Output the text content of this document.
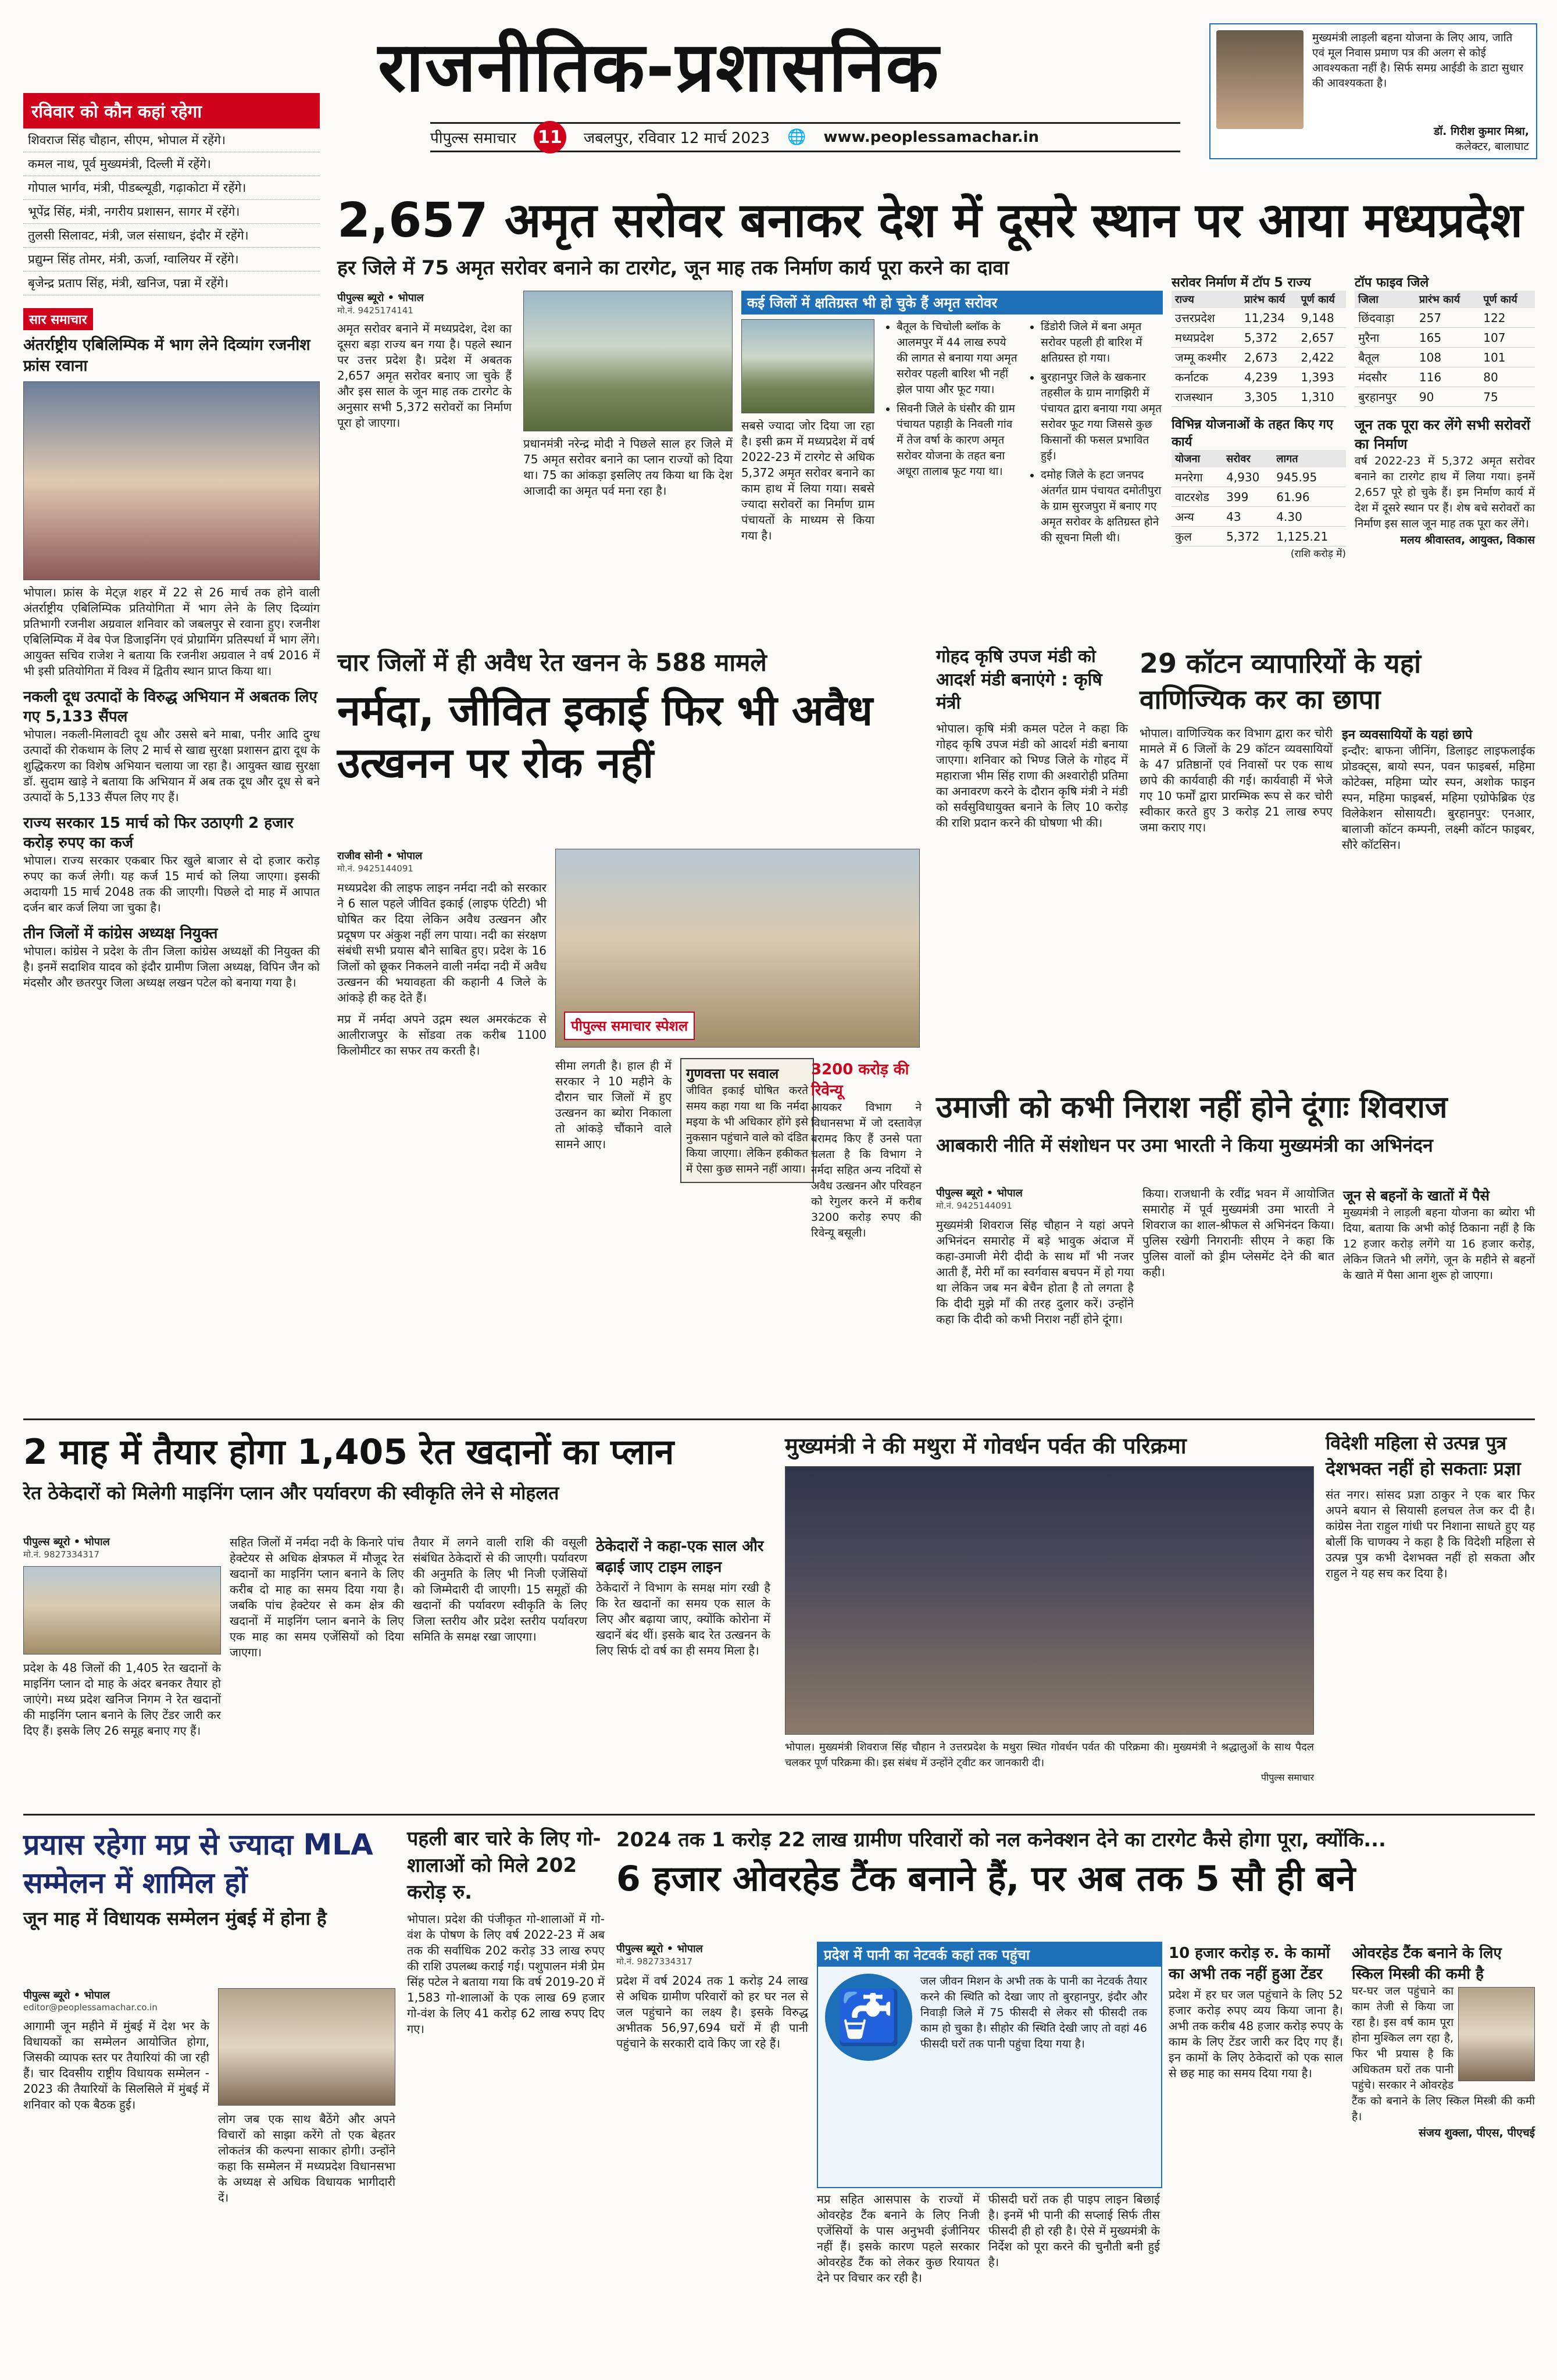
राजनीतिक-प्रशासनिक
पीपुल्स समाचार 11 जबलपुर, रविवार 12 मार्च 2023 🌐 www.peoplessamachar.in
रविवार को कौन कहां रहेगा
शिवराज सिंह चौहान, सीएम, भोपाल में रहेंगे।
कमल नाथ, पूर्व मुख्यमंत्री, दिल्ली में रहेंगे।
गोपाल भार्गव, मंत्री, पीडब्ल्यूडी, गढ़ाकोटा में रहेंगे।
भूपेंद्र सिंह, मंत्री, नगरीय प्रशासन, सागर में रहेंगे।
तुलसी सिलावट, मंत्री, जल संसाधन, इंदौर में रहेंगे।
प्रद्युम्न सिंह तोमर, मंत्री, ऊर्जा, ग्वालियर में रहेंगे।
बृजेन्द्र प्रताप सिंह, मंत्री, खनिज, पन्ना में रहेंगे।
मुख्यमंत्री लाड़ली बहना योजना के लिए आय, जाति एवं मूल निवास प्रमाण पत्र की अलग से कोई आवश्यकता नहीं है। सिर्फ समग्र आईडी के डाटा सुधार की आवश्यकता है।
डॉ. गिरीश कुमार मिश्रा,
कलेक्टर, बालाघाट
सार समाचार
अंतर्राष्ट्रीय एबिलिम्पिक में भाग लेने दिव्यांग रजनीश फ्रांस रवाना
भोपाल। फ्रांस के मेट्ज़ शहर में 22 से 26 मार्च तक होने वाली अंतर्राष्ट्रीय एबिलिम्पिक प्रतियोगिता में भाग लेने के लिए दिव्यांग प्रतिभागी रजनीश अग्रवाल शनिवार को जबलपुर से रवाना हुए। रजनीश एबिलिम्पिक में वेब पेज डिजाइनिंग एवं प्रोग्रामिंग प्रतिस्पर्धा में भाग लेंगे। आयुक्त सचिव राजेश ने बताया कि रजनीश अग्रवाल ने वर्ष 2016 में भी इसी प्रतियोगिता में विश्व में द्वितीय स्थान प्राप्त किया था।
नकली दूध उत्पादों के विरुद्ध अभियान में अबतक लिए गए 5,133 सैंपल
भोपाल। नकली-मिलावटी दूध और उससे बने माबा, पनीर आदि दुग्ध उत्पादों की रोकथाम के लिए 2 मार्च से खाद्य सुरक्षा प्रशासन द्वारा दूध के शुद्धिकरण का विशेष अभियान चलाया जा रहा है। आयुक्त खाद्य सुरक्षा डॉ. सुदाम खाड़े ने बताया कि अभियान में अब तक दूध और दूध से बने उत्पादों के 5,133 सैंपल लिए गए हैं।
राज्य सरकार 15 मार्च को फिर उठाएगी 2 हजार करोड़ रुपए का कर्ज
भोपाल। राज्य सरकार एकबार फिर खुले बाजार से दो हजार करोड़ रुपए का कर्ज लेगी। यह कर्ज 15 मार्च को लिया जाएगा। इसकी अदायगी 15 मार्च 2048 तक की जाएगी। पिछले दो माह में आपात दर्जन बार कर्ज लिया जा चुका है।
तीन जिलों में कांग्रेस अध्यक्ष नियुक्त
भोपाल। कांग्रेस ने प्रदेश के तीन जिला कांग्रेस अध्यक्षों की नियुक्त की है। इनमें सदाशिव यादव को इंदौर ग्रामीण जिला अध्यक्ष, विपिन जैन को मंदसौर और छतरपुर जिला अध्यक्ष लखन पटेल को बनाया गया है।
2,657 अमृत सरोवर बनाकर देश में दूसरे स्थान पर आया मध्यप्रदेश
हर जिले में 75 अमृत सरोवर बनाने का टारगेट, जून माह तक निर्माण कार्य पूरा करने का दावा
पीपुल्स ब्यूरो • भोपाल
मो.नं. 9425174141
अमृत सरोवर बनाने में मध्यप्रदेश, देश का दूसरा बड़ा राज्य बन गया है। पहले स्थान पर उत्तर प्रदेश है। प्रदेश में अबतक 2,657 अमृत सरोवर बनाए जा चुके हैं और इस साल के जून माह तक टारगेट के अनुसार सभी 5,372 सरोवरों का निर्माण पूरा हो जाएगा।
प्रधानमंत्री नरेन्द्र मोदी ने पिछले साल हर जिले में 75 अमृत सरोवर बनाने का प्लान राज्यों को दिया था। 75 का आंकड़ा इसलिए तय किया था कि देश आजादी का अमृत पर्व मना रहा है।
कई जिलों में क्षतिग्रस्त भी हो चुके हैं अमृत सरोवर
सबसे ज्यादा जोर दिया जा रहा है। इसी क्रम में मध्यप्रदेश में वर्ष 2022-23 में टारगेट से अधिक 5,372 अमृत सरोवर बनाने का काम हाथ में लिया गया। सबसे ज्यादा सरोवरों का निर्माण ग्राम पंचायतों के माध्यम से किया गया है।
• बैतूल के चिचोली ब्लॉक के आलमपुर में 44 लाख रुपये की लागत से बनाया गया अमृत सरोवर पहली बारिश भी नहीं झेल पाया और फूट गया।
• सिवनी जिले के घंसौर की ग्राम पंचायत पहाड़ी के निवली गांव में तेज वर्षा के कारण अमृत सरोवर योजना के तहत बना अधूरा तालाब फूट गया था।
• डिंडोरी जिले में बना अमृत सरोवर पहली ही बारिश में क्षतिग्रस्त हो गया।
• बुरहानपुर जिले के खकनार तहसील के ग्राम नागझिरी में पंचायत द्वारा बनाया गया अमृत सरोवर फूट गया जिससे कुछ किसानों की फसल प्रभावित हुई।
• दमोह जिले के हटा जनपद अंतर्गत ग्राम पंचायत दमोतीपुरा के ग्राम सुरजपुरा में बनाए गए अमृत सरोवर के क्षतिग्रस्त होने की सूचना मिली थी।
सरोवर निर्माण में टॉप 5 राज्य
राज्य	प्रारंभ कार्य	पूर्ण कार्य
उत्तरप्रदेश	11,234	9,148
मध्यप्रदेश	5,372	2,657
जम्मू कश्मीर	2,673	2,422
कर्नाटक	4,239	1,393
राजस्थान	3,305	1,310
विभिन्न योजनाओं के तहत किए गए कार्य
योजना	सरोवर	लागत
मनरेगा	4,930	945.95
वाटरशेड	399	61.96
अन्य	43	4.30
कुल	5,372	1,125.21
(राशि करोड़ में)
टॉप फाइव जिले
जिला	प्रारंभ कार्य	पूर्ण कार्य
छिंदवाड़ा	257	122
मुरैना	165	107
बैतूल	108	101
मंदसौर	116	80
बुरहानपुर	90	75
जून तक पूरा कर लेंगे सभी सरोवरों का निर्माण
वर्ष 2022-23 में 5,372 अमृत सरोवर बनाने का टारगेट हाथ में लिया गया। इनमें 2,657 पूरे हो चुके हैं। इम निर्माण कार्य में देश में दूसरे स्थान पर हैं। शेष बचे सरोवरों का निर्माण इस साल जून माह तक पूरा कर लेंगे।
मलय श्रीवास्तव, आयुक्त, विकास
चार जिलों में ही अवैध रेत खनन के 588 मामले
नर्मदा, जीवित इकाई फिर भी अवैध उत्खनन पर रोक नहीं
राजीव सोनी • भोपाल
मो.नं. 9425144091
मध्यप्रदेश की लाइफ लाइन नर्मदा नदी को सरकार ने 6 साल पहले जीवित इकाई (लाइफ एंटिटी) भी घोषित कर दिया लेकिन अवैध उत्खनन और प्रदूषण पर अंकुश नहीं लग पाया। नदी का संरक्षण संबंधी सभी प्रयास बौने साबित हुए। प्रदेश के 16 जिलों को छूकर निकलने वाली नर्मदा नदी में अवैध उत्खनन की भयावहता की कहानी 4 जिले के आंकड़े ही कह देते हैं।
मप्र में नर्मदा अपने उद्गम स्थल अमरकंटक से आलीराजपुर के सोंडवा तक करीब 1100 किलोमीटर का सफर तय करती है।
पीपुल्स समाचार स्पेशल
सीमा लगती है। हाल ही में सरकार ने 10 महीने के दौरान चार जिलों में हुए उत्खनन का ब्योरा निकाला तो आंकड़े चौंकाने वाले सामने आए।
गुणवत्ता पर सवाल
जीवित इकाई घोषित करते समय कहा गया था कि नर्मदा मइया के भी अधिकार होंगे इसे नुकसान पहुंचाने वाले को दंडित किया जाएगा। लेकिन हकीकत में ऐसा कुछ सामने नहीं आया।
3200 करोड़ की रिवेन्यू
आयकर विभाग ने विधानसभा में जो दस्तावेज़ बरामद किए हैं उनसे पता चलता है कि विभाग ने नर्मदा सहित अन्य नदियों से अवैध उत्खनन और परिवहन को रेगुलर करने में करीब 3200 करोड़ रुपए की रिवेन्यू बसूली।
गोहद कृषि उपज मंडी को आदर्श मंडी बनाएंगे : कृषि मंत्री
भोपाल। कृषि मंत्री कमल पटेल ने कहा कि गोहद कृषि उपज मंडी को आदर्श मंडी बनाया जाएगा। शनिवार को भिण्ड जिले के गोहद में महाराजा भीम सिंह राणा की अश्वारोही प्रतिमा का अनावरण करने के दौरान कृषि मंत्री ने मंडी को सर्वसुविधायुक्त बनाने के लिए 10 करोड़ की राशि प्रदान करने की घोषणा भी की।
29 कॉटन व्यापारियों के यहां वाणिज्यिक कर का छापा
भोपाल। वाणिज्यिक कर विभाग द्वारा कर चोरी मामले में 6 जिलों के 29 कॉटन व्यवसायियों के 47 प्रतिष्ठानों एवं निवासों पर एक साथ छापे की कार्यवाही की गई। कार्यवाही में भेजे गए 10 फर्मों द्वारा प्रारम्भिक रूप से कर चोरी स्वीकार करते हुए 3 करोड़ 21 लाख रुपए जमा कराए गए।
इन व्यवसायियों के यहां छापे
इन्दौर: बाफना जीनिंग, डिलाइट लाइफलाईक प्रोडक्ट्स, बायो स्पन, पवन फाइबर्स, महिमा कोटेक्स, महिमा प्योर स्पन, अशोक फाइन स्पन, महिमा फाइबर्स, महिमा एग्रोफेब्रिक एंड विलेकेशन सोसायटी। बुरहानपुर: एनआर, बालाजी कॉटन कम्पनी, लक्ष्मी कॉटन फाइबर, सौरे कॉटसिन।
उमाजी को कभी निराश नहीं होने दूंगाः शिवराज
आबकारी नीति में संशोधन पर उमा भारती ने किया मुख्यमंत्री का अभिनंदन
पीपुल्स ब्यूरो • भोपाल
मो.नं. 9425144091
मुख्यमंत्री शिवराज सिंह चौहान ने यहां अपने अभिनंदन समारोह में बड़े भावुक अंदाज में कहा-उमाजी मेरी दीदी के साथ माँ भी नजर आती हैं, मेरी माँ का स्वर्गवास बचपन में हो गया था लेकिन जब मन बेचैन होता है तो लगता है कि दीदी मुझे माँ की तरह दुलार करें। उन्होंने कहा कि दीदी को कभी निराश नहीं होने दूंगा।
किया। राजधानी के रवींद्र भवन में आयोजित समारोह में पूर्व मुख्यमंत्री उमा भारती ने शिवराज का शाल-श्रीफल से अभिनंदन किया। पुलिस रखेगी निगरानीः सीएम ने कहा कि पुलिस वालों को ड्रीम प्लेसमेंट देने की बात कही।
जून से बहनों के खातों में पैसे
मुख्यमंत्री ने लाड़ली बहना योजना का ब्योरा भी दिया, बताया कि अभी कोई ठिकाना नहीं है कि 12 हजार करोड़ लगेंगे या 16 हजार करोड़, लेकिन जितने भी लगेंगे, जून के महीने से बहनों के खाते में पैसा आना शुरू हो जाएगा।
2 माह में तैयार होगा 1,405 रेत खदानों का प्लान
रेत ठेकेदारों को मिलेगी माइनिंग प्लान और पर्यावरण की स्वीकृति लेने से मोहलत
पीपुल्स ब्यूरो • भोपाल
मो.नं. 9827334317
प्रदेश के 48 जिलों की 1,405 रेत खदानों के माइनिंग प्लान दो माह के अंदर बनकर तैयार हो जाएंगे। मध्य प्रदेश खनिज निगम ने रेत खदानों की माइनिंग प्लान बनाने के लिए टेंडर जारी कर दिए हैं। इसके लिए 26 समूह बनाए गए हैं।
सहित जिलों में नर्मदा नदी के किनारे पांच हेक्टेयर से अधिक क्षेत्रफल में मौजूद रेत खदानों का माइनिंग प्लान बनाने के लिए करीब दो माह का समय दिया गया है। जबकि पांच हेक्टेयर से कम क्षेत्र की खदानों में माइनिंग प्लान बनाने के लिए एक माह का समय एजेंसियों को दिया जाएगा।
तैयार में लगने वाली राशि की वसूली संबंधित ठेकेदारों से की जाएगी। पर्यावरण की अनुमति के लिए भी निजी एजेंसियों को जिम्मेदारी दी जाएगी। 15 समूहों की खदानों की पर्यावरण स्वीकृति के लिए जिला स्तरीय और प्रदेश स्तरीय पर्यावरण समिति के समक्ष रखा जाएगा।
ठेकेदारों ने कहा-एक साल और बढ़ाई जाए टाइम लाइन
ठेकेदारों ने विभाग के समक्ष मांग रखी है कि रेत खदानों का समय एक साल के लिए और बढ़ाया जाए, क्योंकि कोरोना में खदानें बंद थीं। इसके बाद रेत उत्खनन के लिए सिर्फ दो वर्ष का ही समय मिला है।
मुख्यमंत्री ने की मथुरा में गोवर्धन पर्वत की परिक्रमा
भोपाल। मुख्यमंत्री शिवराज सिंह चौहान ने उत्तरप्रदेश के मथुरा स्थित गोवर्धन पर्वत की परिक्रमा की। मुख्यमंत्री ने श्रद्धालुओं के साथ पैदल चलकर पूर्ण परिक्रमा की। इस संबंध में उन्होंने ट्वीट कर जानकारी दी।
पीपुल्स समाचार
विदेशी महिला से उत्पन्न पुत्र देशभक्त नहीं हो सकताः प्रज्ञा
संत नगर। सांसद प्रज्ञा ठाकुर ने एक बार फिर अपने बयान से सियासी हलचल तेज कर दी है। कांग्रेस नेता राहुल गांधी पर निशाना साधते हुए यह बोलीं कि चाणक्य ने कहा है कि विदेशी महिला से उत्पन्न पुत्र कभी देशभक्त नहीं हो सकता और राहुल ने यह सच कर दिया है।
प्रयास रहेगा मप्र से ज्यादा MLA सम्मेलन में शामिल हों
जून माह में विधायक सम्मेलन मुंबई में होना है
पीपुल्स ब्यूरो • भोपाल
editor@peoplessamachar.co.in
आगामी जून महीने में मुंबई में देश भर के विधायकों का सम्मेलन आयोजित होगा, जिसकी व्यापक स्तर पर तैयारियां की जा रही हैं। चार दिवसीय राष्ट्रीय विधायक सम्मेलन - 2023 की तैयारियों के सिलसिले में मुंबई में शनिवार को एक बैठक हुई।
लोग जब एक साथ बैठेंगे और अपने विचारों को साझा करेंगे तो एक बेहतर लोकतंत्र की कल्पना साकार होगी। उन्होंने कहा कि सम्मेलन में मध्यप्रदेश विधानसभा के अध्यक्ष से अधिक विधायक भागीदारी दें।
पहली बार चारे के लिए गो-शालाओं को मिले 202 करोड़ रु.
भोपाल। प्रदेश की पंजीकृत गो-शालाओं में गो-वंश के पोषण के लिए वर्ष 2022-23 में अब तक की सर्वाधिक 202 करोड़ 33 लाख रुपए की राशि उपलब्ध कराई गई। पशुपालन मंत्री प्रेम सिंह पटेल ने बताया गया कि वर्ष 2019-20 में 1,583 गो-शालाओं के एक लाख 69 हजार गो-वंश के लिए 41 करोड़ 62 लाख रुपए दिए गए।
2024 तक 1 करोड़ 22 लाख ग्रामीण परिवारों को नल कनेक्शन देने का टारगेट कैसे होगा पूरा, क्योंकि...
6 हजार ओवरहेड टैंक बनाने हैं, पर अब तक 5 सौ ही बने
पीपुल्स ब्यूरो • भोपाल
मो.नं. 9827334317
प्रदेश में वर्ष 2024 तक 1 करोड़ 24 लाख से अधिक ग्रामीण परिवारों को हर घर नल से जल पहुंचाने का लक्ष्य है। इसके विरुद्ध अभीतक 56,97,694 घरों में ही पानी पहुंचाने के सरकारी दावे किए जा रहे हैं।
प्रदेश में पानी का नेटवर्क कहां तक पहुंचा
🚰
जल जीवन मिशन के अभी तक के पानी का नेटवर्क तैयार करने की स्थिति को देखा जाए तो बुरहानपुर, इंदौर और निवाड़ी जिले में 75 फीसदी से लेकर सौ फीसदी तक काम हो चुका है। सीहोर की स्थिति देखी जाए तो वहां 46 फीसदी घरों तक पानी पहुंचा दिया गया है।
मप्र सहित आसपास के राज्यों में ओवरहेड टैंक बनाने के लिए निजी एजेंसियों के पास अनुभवी इंजीनियर नहीं हैं। इसके कारण पहले सरकार ओवरहेड टैंक को लेकर कुछ रियायत देने पर विचार कर रही है।
फीसदी घरों तक ही पाइप लाइन बिछाई है। इनमें भी पानी की सप्लाई सिर्फ तीस फीसदी ही हो रही है। ऐसे में मुख्यमंत्री के निर्देश को पूरा करने की चुनौती बनी हुई है।
10 हजार करोड़ रु. के कामों का अभी तक नहीं हुआ टेंडर
प्रदेश में हर घर जल पहुंचाने के लिए 52 हजार करोड़ रुपए व्यय किया जाना है। अभी तक करीब 48 हजार करोड़ रुपए के काम के लिए टेंडर जारी कर दिए गए हैं। इन कामों के लिए ठेकेदारों को एक साल से छह माह का समय दिया गया है।
ओवरहेड टैंक बनाने के लिए स्किल मिस्त्री की कमी है
घर-घर जल पहुंचाने का काम तेजी से किया जा रहा है। इस वर्ष काम पूरा होना मुश्किल लग रहा है, फिर भी प्रयास है कि अधिकतम घरों तक पानी पहुंचे। सरकार ने ओवरहेड टैंक को बनाने के लिए स्किल मिस्त्री की कमी है।
संजय शुक्ला, पीएस, पीएचई
